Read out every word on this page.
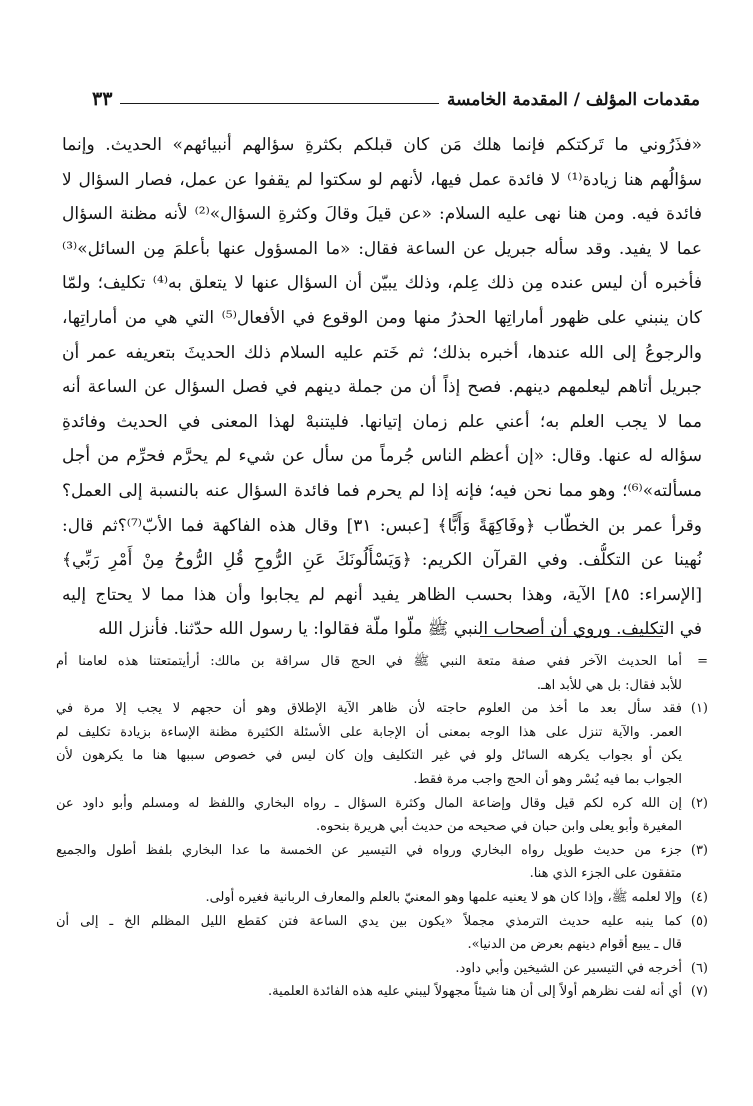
مقدمات المؤلف / المقدمة الخامسة
٣٣
«فذَرُوني ما تَركتكم فإنما هلك مَن كان قبلكم بكثرةِ سؤالهم أنبيائهم» الحديث. وإنما
سؤالُهم هنا زيادة⁽¹⁾ لا فائدة عمل فيها، لأنهم لو سكتوا لم يقفوا عن عمل، فصار السؤال لا
فائدة فيه. ومن هنا نهى عليه السلام: «عن قيلَ وقالَ وكثرةِ السؤال»⁽²⁾ لأنه مظنة السؤال
عما لا يفيد. وقد سأله جبريل عن الساعة فقال: «ما المسؤول عنها بأعلمَ مِن السائل»⁽³⁾
فأخبره أن ليس عنده مِن ذلك عِلم، وذلك يبيّن أن السؤال عنها لا يتعلق به⁽⁴⁾ تكليف؛ ولمّا
كان ينبني على ظهور أماراتِها الحذرُ منها ومن الوقوع في الأفعال⁽⁵⁾ التي هي من أماراتِها،
والرجوعُ إلى الله عندها، أخبره بذلك؛ ثم خَتم عليه السلام ذلك الحديثَ بتعريفه عمر أن
جبريل أتاهم ليعلمهم دينهم. فصح إذاً أن من جملة دينهم في فصل السؤال عن الساعة أنه
مما لا يجب العلم به؛ أعني علم زمان إتيانها. فليتنبهْ لهذا المعنى في الحديث وفائدةِ
سؤاله له عنها. وقال: «إن أعظم الناس جُرماً من سأل عن شيء لم يحرَّم فحرِّم من أجل
مسألته»⁽⁶⁾؛ وهو مما نحن فيه؛ فإنه إذا لم يحرم فما فائدة السؤال عنه بالنسبة إلى العمل؟
وقرأ عمر بن الخطّاب ﴿وفَاكِهَةً وَأَبًّا﴾ [عبس: ٣١] وقال هذه الفاكهة فما الأبّ⁽⁷⁾؟ثم قال:
نُهينا عن التكلُّف. وفي القرآن الكريم: ﴿وَيَسْأَلُونَكَ عَنِ الرُّوحِ قُلِ الرُّوحُ مِنْ أَمْرِ رَبِّي﴾
[الإسراء: ٨٥] الآية، وهذا بحسب الظاهر يفيد أنهم لم يجابوا وأن هذا مما لا يحتاج إليه
في التكليف. وروي أن أصحاب النبي ﷺ ملّوا ملّة فقالوا: يا رسول الله حدّثنا. فأنزل الله
=
أما الحديث الآخر ففي صفة متعة النبي ﷺ في الحج قال سراقة بن مالك: أرأيتمتعتنا هذه لعامنا أم
للأبد فقال: بل هي للأبد اهـ.
(١)
فقد سأل بعد ما أخذ من العلوم حاجته لأن ظاهر الآية الإطلاق وهو أن حجهم لا يجب إلا مرة في
العمر. والآية تنزل على هذا الوجه بمعنى أن الإجابة على الأسئلة الكثيرة مظنة الإساءة بزيادة تكليف لم
يكن أو بجواب يكرهه السائل ولو في غير التكليف وإن كان ليس في خصوص سببها هنا ما يكرهون لأن
الجواب بما فيه يُسْر وهو أن الحج واجب مرة فقط.
(٢)
إن الله كره لكم قيل وقال وإضاعة المال وكثرة السؤال ـ رواه البخاري واللفظ له ومسلم وأبو داود عن
المغيرة وأبو يعلى وابن حبان في صحيحه من حديث أبي هريرة بنحوه.
(٣)
جزء من حديث طويل رواه البخاري ورواه في التيسير عن الخمسة ما عدا البخاري بلفظ أطول والجميع
متفقون على الجزء الذي هنا.
(٤)
وإلا لعلمه ﷺ، وإذا كان هو لا يعنيه علمها وهو المعنيّ بالعلم والمعارف الربانية فغيره أولى.
(٥)
كما ينبه عليه حديث الترمذي مجملاً «يكون بين يدي الساعة فتن كقطع الليل المظلم الخ ـ إلى أن
قال ـ يبيع أقوام دينهم بعرض من الدنيا».
(٦)
أخرجه في التيسير عن الشيخين وأبي داود.
(٧)
أي أنه لفت نظرهم أولاً إلى أن هنا شيئاً مجهولاً ليبني عليه هذه الفائدة العلمية.
